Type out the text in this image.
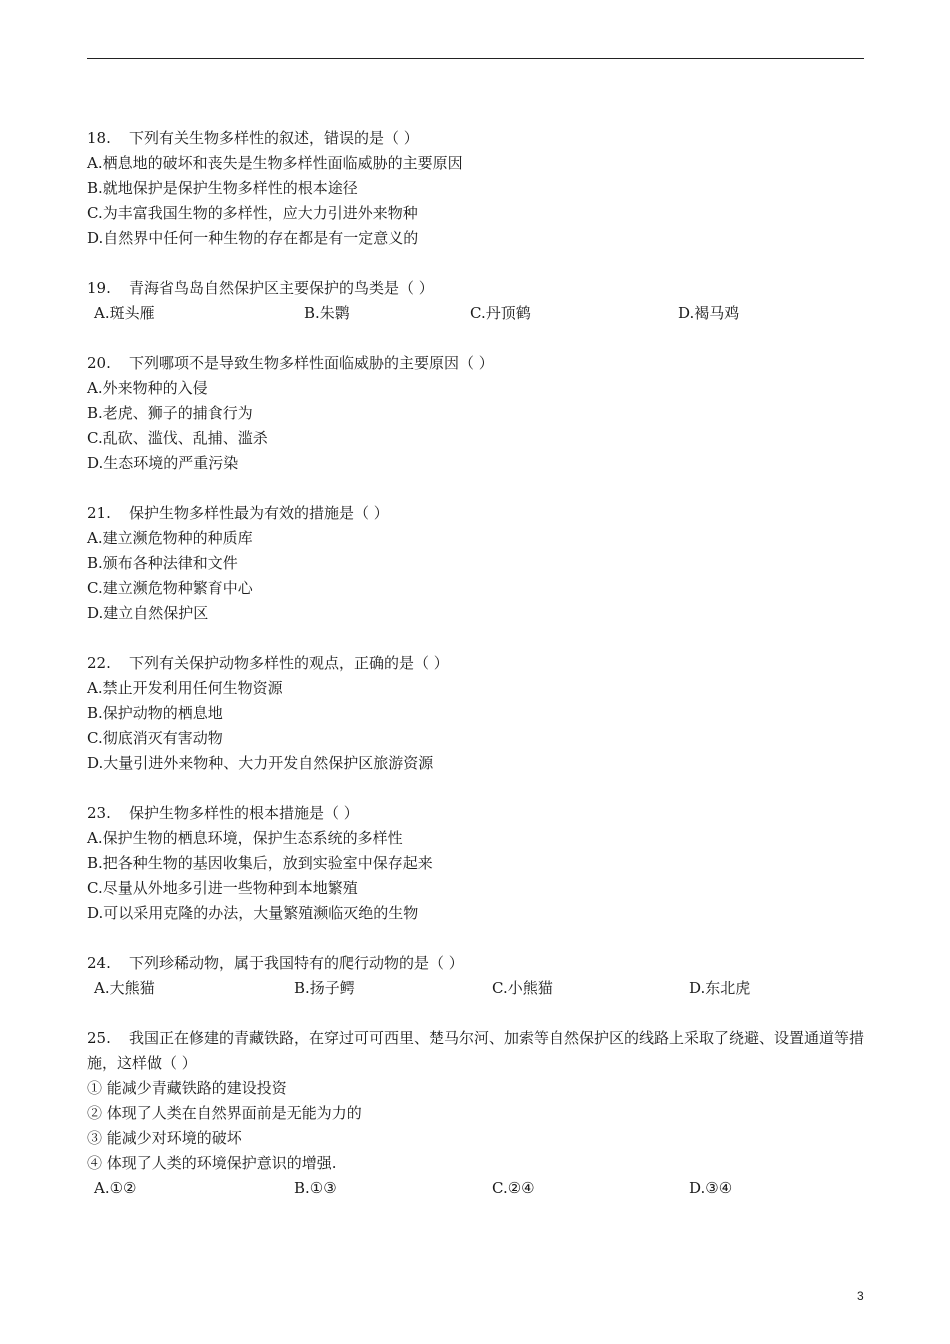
18. 下列有关生物多样性的叙述，错误的是（ ）
A.栖息地的破坏和丧失是生物多样性面临威胁的主要原因
B.就地保护是保护生物多样性的根本途径
C.为丰富我国生物的多样性，应大力引进外来物种
D.自然界中任何一种生物的存在都是有一定意义的
19. 青海省鸟岛自然保护区主要保护的鸟类是（ ）
A.斑头雁	B.朱鹮	C.丹顶鹤	D.褐马鸡
20. 下列哪项不是导致生物多样性面临威胁的主要原因（ ）
A.外来物种的入侵
B.老虎、狮子的捕食行为
C.乱砍、滥伐、乱捕、滥杀
D.生态环境的严重污染
21. 保护生物多样性最为有效的措施是（ ）
A.建立濒危物种的种质库
B.颁布各种法律和文件
C.建立濒危物种繁育中心
D.建立自然保护区
22. 下列有关保护动物多样性的观点，正确的是（ ）
A.禁止开发利用任何生物资源
B.保护动物的栖息地
C.彻底消灭有害动物
D.大量引进外来物种、大力开发自然保护区旅游资源
23. 保护生物多样性的根本措施是（ ）
A.保护生物的栖息环境，保护生态系统的多样性
B.把各种生物的基因收集后，放到实验室中保存起来
C.尽量从外地多引进一些物种到本地繁殖
D.可以采用克隆的办法，大量繁殖濒临灭绝的生物
24. 下列珍稀动物，属于我国特有的爬行动物的是（ ）
A.大熊猫	B.扬子鳄	C.小熊猫	D.东北虎
25. 我国正在修建的青藏铁路，在穿过可可西里、楚马尔河、加索等自然保护区的线路上采取了绕避、设置通道等措施，这样做（ ）
① 能减少青藏铁路的建设投资
② 体现了人类在自然界面前是无能为力的
③ 能减少对环境的破坏
④ 体现了人类的环境保护意识的增强.
A.①②	B.①③	C.②④	D.③④
3
